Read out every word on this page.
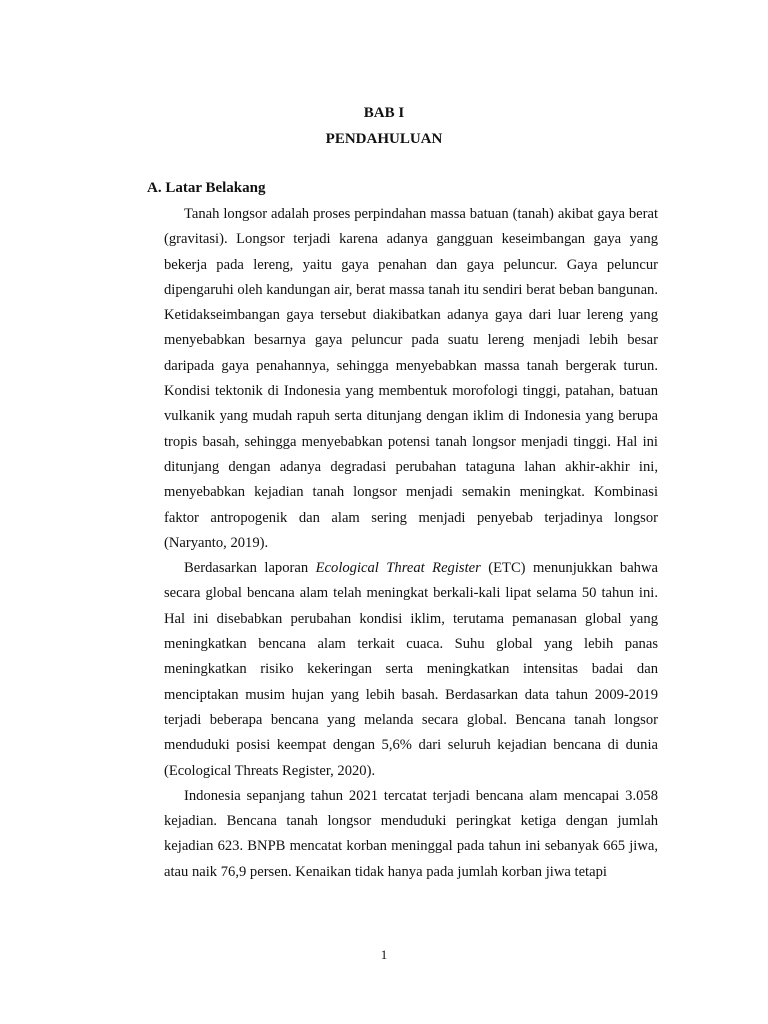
BAB I
PENDAHULUAN
A. Latar Belakang

Tanah longsor adalah proses perpindahan massa batuan (tanah) akibat gaya berat (gravitasi). Longsor terjadi karena adanya gangguan keseimbangan gaya yang bekerja pada lereng, yaitu gaya penahan dan gaya peluncur. Gaya peluncur dipengaruhi oleh kandungan air, berat massa tanah itu sendiri berat beban bangunan. Ketidakseimbangan gaya tersebut diakibatkan adanya gaya dari luar lereng yang menyebabkan besarnya gaya peluncur pada suatu lereng menjadi lebih besar daripada gaya penahannya, sehingga menyebabkan massa tanah bergerak turun. Kondisi tektonik di Indonesia yang membentuk morofologi tinggi, patahan, batuan vulkanik yang mudah rapuh serta ditunjang dengan iklim di Indonesia yang berupa tropis basah, sehingga menyebabkan potensi tanah longsor menjadi tinggi. Hal ini ditunjang dengan adanya degradasi perubahan tataguna lahan akhir-akhir ini, menyebabkan kejadian tanah longsor menjadi semakin meningkat. Kombinasi faktor antropogenik dan alam sering menjadi penyebab terjadinya longsor (Naryanto, 2019).

Berdasarkan laporan Ecological Threat Register (ETC) menunjukkan bahwa secara global bencana alam telah meningkat berkali-kali lipat selama 50 tahun ini. Hal ini disebabkan perubahan kondisi iklim, terutama pemanasan global yang meningkatkan bencana alam terkait cuaca. Suhu global yang lebih panas meningkatkan risiko kekeringan serta meningkatkan intensitas badai dan menciptakan musim hujan yang lebih basah. Berdasarkan data tahun 2009-2019 terjadi beberapa bencana yang melanda secara global. Bencana tanah longsor menduduki posisi keempat dengan 5,6% dari seluruh kejadian bencana di dunia (Ecological Threats Register, 2020).

Indonesia sepanjang tahun 2021 tercatat terjadi bencana alam mencapai 3.058 kejadian. Bencana tanah longsor menduduki peringkat ketiga dengan jumlah kejadian 623. BNPB mencatat korban meninggal pada tahun ini sebanyak 665 jiwa, atau naik 76,9 persen. Kenaikan tidak hanya pada jumlah korban jiwa tetapi

1
